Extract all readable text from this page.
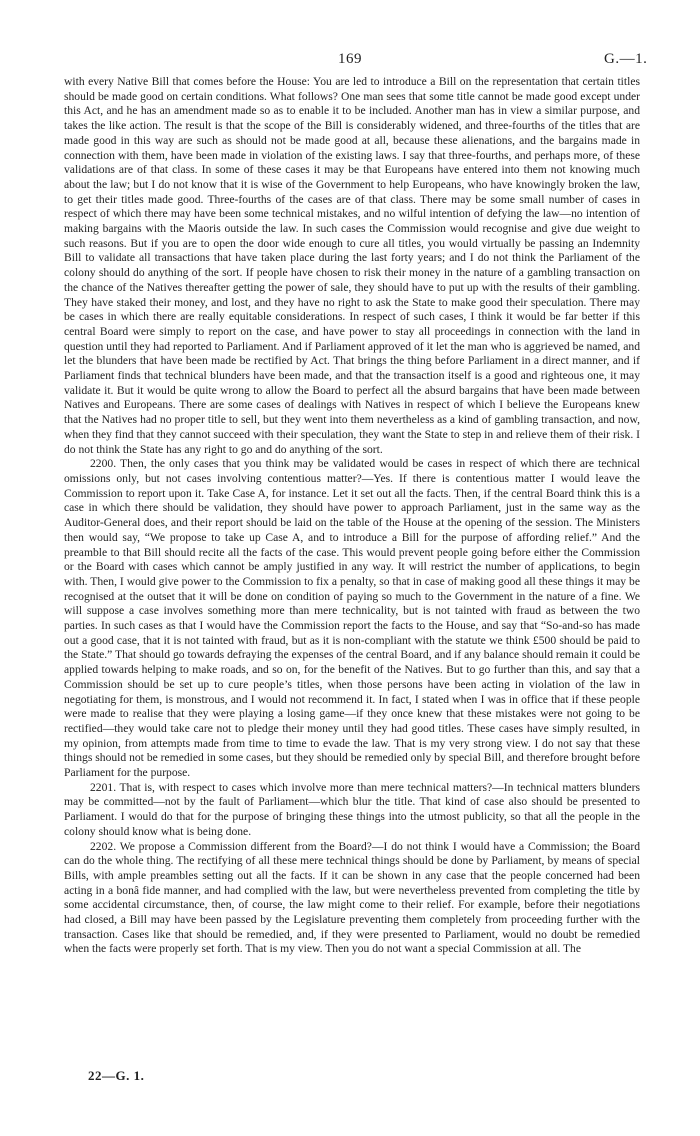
169	G.—1.

with every Native Bill that comes before the House: You are led to introduce a Bill on the representation that certain titles should be made good on certain conditions. What follows? One man sees that some title cannot be made good except under this Act, and he has an amendment made so as to enable it to be included. Another man has in view a similar purpose, and takes the like action. The result is that the scope of the Bill is considerably widened, and three-fourths of the titles that are made good in this way are such as should not be made good at all, because these alienations, and the bargains made in connection with them, have been made in violation of the existing laws. I say that three-fourths, and perhaps more, of these validations are of that class. In some of these cases it may be that Europeans have entered into them not knowing much about the law; but I do not know that it is wise of the Government to help Europeans, who have knowingly broken the law, to get their titles made good. Three-fourths of the cases are of that class. There may be some small number of cases in respect of which there may have been some technical mistakes, and no wilful intention of defying the law—no intention of making bargains with the Maoris outside the law. In such cases the Commission would recognise and give due weight to such reasons. But if you are to open the door wide enough to cure all titles, you would virtually be passing an Indemnity Bill to validate all transactions that have taken place during the last forty years; and I do not think the Parliament of the colony should do anything of the sort. If people have chosen to risk their money in the nature of a gambling transaction on the chance of the Natives thereafter getting the power of sale, they should have to put up with the results of their gambling. They have staked their money, and lost, and they have no right to ask the State to make good their speculation. There may be cases in which there are really equitable considerations. In respect of such cases, I think it would be far better if this central Board were simply to report on the case, and have power to stay all proceedings in connection with the land in question until they had reported to Parliament. And if Parliament approved of it let the man who is aggrieved be named, and let the blunders that have been made be rectified by Act. That brings the thing before Parliament in a direct manner, and if Parliament finds that technical blunders have been made, and that the transaction itself is a good and righteous one, it may validate it. But it would be quite wrong to allow the Board to perfect all the absurd bargains that have been made between Natives and Europeans. There are some cases of dealings with Natives in respect of which I believe the Europeans knew that the Natives had no proper title to sell, but they went into them nevertheless as a kind of gambling transaction, and now, when they find that they cannot succeed with their speculation, they want the State to step in and relieve them of their risk. I do not think the State has any right to go and do anything of the sort.

2200. Then, the only cases that you think may be validated would be cases in respect of which there are technical omissions only, but not cases involving contentious matter?—Yes. If there is contentious matter I would leave the Commission to report upon it. Take Case A, for instance. Let it set out all the facts. Then, if the central Board think this is a case in which there should be validation, they should have power to approach Parliament, just in the same way as the Auditor-General does, and their report should be laid on the table of the House at the opening of the session. The Ministers then would say, “We propose to take up Case A, and to introduce a Bill for the purpose of affording relief.” And the preamble to that Bill should recite all the facts of the case. This would prevent people going before either the Commission or the Board with cases which cannot be amply justified in any way. It will restrict the number of applications, to begin with. Then, I would give power to the Commission to fix a penalty, so that in case of making good all these things it may be recognised at the outset that it will be done on condition of paying so much to the Government in the nature of a fine. We will suppose a case involves something more than mere technicality, but is not tainted with fraud as between the two parties. In such cases as that I would have the Commission report the facts to the House, and say that “So-and-so has made out a good case, that it is not tainted with fraud, but as it is non-compliant with the statute we think £500 should be paid to the State.” That should go towards defraying the expenses of the central Board, and if any balance should remain it could be applied towards helping to make roads, and so on, for the benefit of the Natives. But to go further than this, and say that a Commission should be set up to cure people’s titles, when those persons have been acting in violation of the law in negotiating for them, is monstrous, and I would not recommend it. In fact, I stated when I was in office that if these people were made to realise that they were playing a losing game—if they once knew that these mistakes were not going to be rectified—they would take care not to pledge their money until they had good titles. These cases have simply resulted, in my opinion, from attempts made from time to time to evade the law. That is my very strong view. I do not say that these things should not be remedied in some cases, but they should be remedied only by special Bill, and therefore brought before Parliament for the purpose.

2201. That is, with respect to cases which involve more than mere technical matters?—In technical matters blunders may be committed—not by the fault of Parliament—which blur the title. That kind of case also should be presented to Parliament. I would do that for the purpose of bringing these things into the utmost publicity, so that all the people in the colony should know what is being done.

2202. We propose a Commission different from the Board?—I do not think I would have a Commission; the Board can do the whole thing. The rectifying of all these mere technical things should be done by Parliament, by means of special Bills, with ample preambles setting out all the facts. If it can be shown in any case that the people concerned had been acting in a bonâ fide manner, and had complied with the law, but were nevertheless prevented from completing the title by some accidental circumstance, then, of course, the law might come to their relief. For example, before their negotiations had closed, a Bill may have been passed by the Legislature preventing them completely from proceeding further with the transaction. Cases like that should be remedied, and, if they were presented to Parliament, would no doubt be remedied when the facts were properly set forth. That is my view. Then you do not want a special Commission at all. The

22—G. 1.
